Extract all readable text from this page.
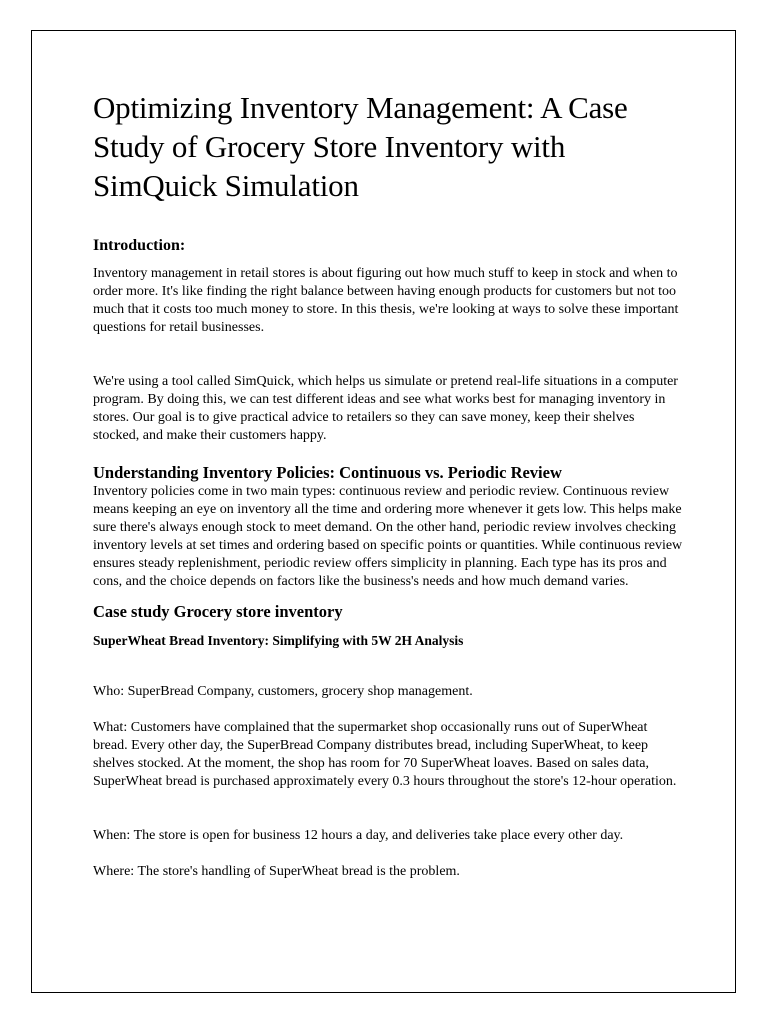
Optimizing Inventory Management: A Case Study of Grocery Store Inventory with SimQuick Simulation
Introduction:

Inventory management in retail stores is about figuring out how much stuff to keep in stock and when to order more. It's like finding the right balance between having enough products for customers but not too much that it costs too much money to store. In this thesis, we're looking at ways to solve these important questions for retail businesses.

We're using a tool called SimQuick, which helps us simulate or pretend real-life situations in a computer program. By doing this, we can test different ideas and see what works best for managing inventory in stores. Our goal is to give practical advice to retailers so they can save money, keep their shelves stocked, and make their customers happy.

Understanding Inventory Policies: Continuous vs. Periodic Review

Inventory policies come in two main types: continuous review and periodic review. Continuous review means keeping an eye on inventory all the time and ordering more whenever it gets low. This helps make sure there's always enough stock to meet demand. On the other hand, periodic review involves checking inventory levels at set times and ordering based on specific points or quantities. While continuous review ensures steady replenishment, periodic review offers simplicity in planning. Each type has its pros and cons, and the choice depends on factors like the business's needs and how much demand varies.

Case study Grocery store inventory
SuperWheat Bread Inventory: Simplifying with 5W 2H Analysis

Who: SuperBread Company, customers, grocery shop management.

What: Customers have complained that the supermarket shop occasionally runs out of SuperWheat bread. Every other day, the SuperBread Company distributes bread, including SuperWheat, to keep shelves stocked. At the moment, the shop has room for 70 SuperWheat loaves. Based on sales data, SuperWheat bread is purchased approximately every 0.3 hours throughout the store's 12-hour operation.

When: The store is open for business 12 hours a day, and deliveries take place every other day.

Where: The store's handling of SuperWheat bread is the problem.
